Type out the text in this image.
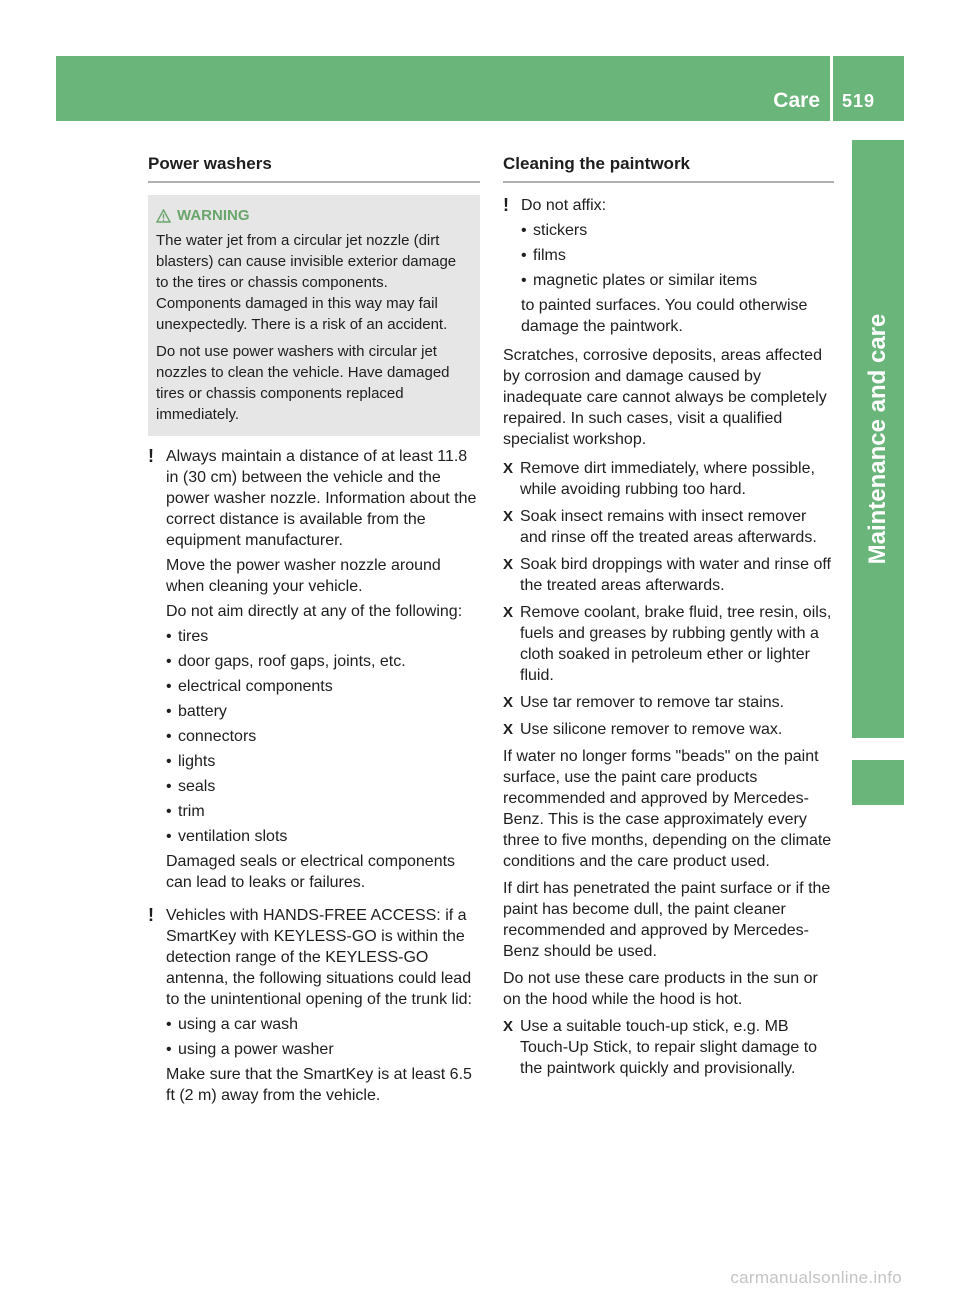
Care 519
Maintenance and care
Power washers
WARNING

The water jet from a circular jet nozzle (dirt blasters) can cause invisible exterior damage to the tires or chassis components. Components damaged in this way may fail unexpectedly. There is a risk of an accident.

Do not use power washers with circular jet nozzles to clean the vehicle. Have damaged tires or chassis components replaced immediately.

! Always maintain a distance of at least 11.8 in (30 cm) between the vehicle and the power washer nozzle. Information about the correct distance is available from the equipment manufacturer.
Move the power washer nozzle around when cleaning your vehicle.
Do not aim directly at any of the following:
• tires
• door gaps, roof gaps, joints, etc.
• electrical components
• battery
• connectors
• lights
• seals
• trim
• ventilation slots
Damaged seals or electrical components can lead to leaks or failures.
! Vehicles with HANDS-FREE ACCESS: if a SmartKey with KEYLESS-GO is within the detection range of the KEYLESS-GO antenna, the following situations could lead to the unintentional opening of the trunk lid:
• using a car wash
• using a power washer
Make sure that the SmartKey is at least 6.5 ft (2 m) away from the vehicle.
Cleaning the paintwork
! Do not affix:
• stickers
• films
• magnetic plates or similar items
to painted surfaces. You could otherwise damage the paintwork.
Scratches, corrosive deposits, areas affected by corrosion and damage caused by inadequate care cannot always be completely repaired. In such cases, visit a qualified specialist workshop.
X Remove dirt immediately, where possible, while avoiding rubbing too hard.
X Soak insect remains with insect remover and rinse off the treated areas afterwards.
X Soak bird droppings with water and rinse off the treated areas afterwards.
X Remove coolant, brake fluid, tree resin, oils, fuels and greases by rubbing gently with a cloth soaked in petroleum ether or lighter fluid.
X Use tar remover to remove tar stains.
X Use silicone remover to remove wax.
If water no longer forms "beads" on the paint surface, use the paint care products recommended and approved by Mercedes-Benz. This is the case approximately every three to five months, depending on the climate conditions and the care product used.
If dirt has penetrated the paint surface or if the paint has become dull, the paint cleaner recommended and approved by Mercedes-Benz should be used.
Do not use these care products in the sun or on the hood while the hood is hot.
X Use a suitable touch-up stick, e.g. MB Touch-Up Stick, to repair slight damage to the paintwork quickly and provisionally.
carmanualsonline.info
